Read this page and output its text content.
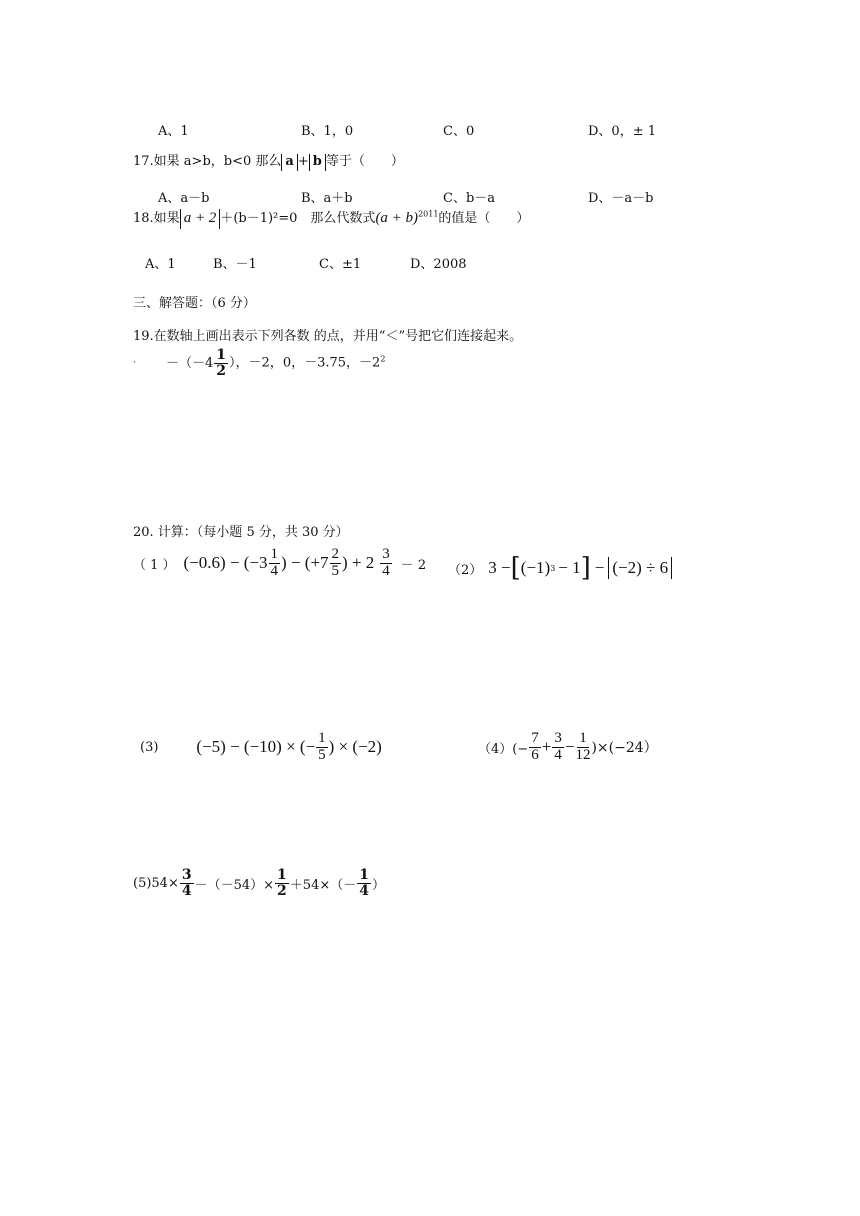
A、1	B、1，0	C、0	D、0，± 1
17.如果 a>b，b<0 那么 a + b 等于（　　）
A、a－b	B、a＋b	C、b－a	D、－a－b
18.如果 a + 2 ＋(b－1)²=0　那么代数式$(a + b)^{2011}$的值是（　　）
A、1	B、－1	C、±1	D、2008
三、解答题：（6 分）
19.在数轴上画出表示下列各数 的点，并用“＜”号把它们连接起来。
· $-(-4 \frac{1}{2}$ ），－2，0，－3.75，$-2^2$
20. 计算：（每小题 5 分，共 30 分）
（ 1 ） $(-0.6) - (-3 \frac{1}{4}$ ) − ($+7 \frac{2}{5}$ ) + $2 \frac{3}{4} - 2$ （2） 3 − [ (−1) 3 − 1 ] − (−2) ÷ 6
(3) (−5) − (−10) × (− $\frac{1}{5}$ ) × (−2)	$(4)(- \frac{7}{6} + \frac{3}{4} - \frac{1}{12} )\times(-24)$
$(5)54\times \frac{3}{4} -(-54)\times \frac{1}{2} +54\times(- \frac{1}{4}$ ）
